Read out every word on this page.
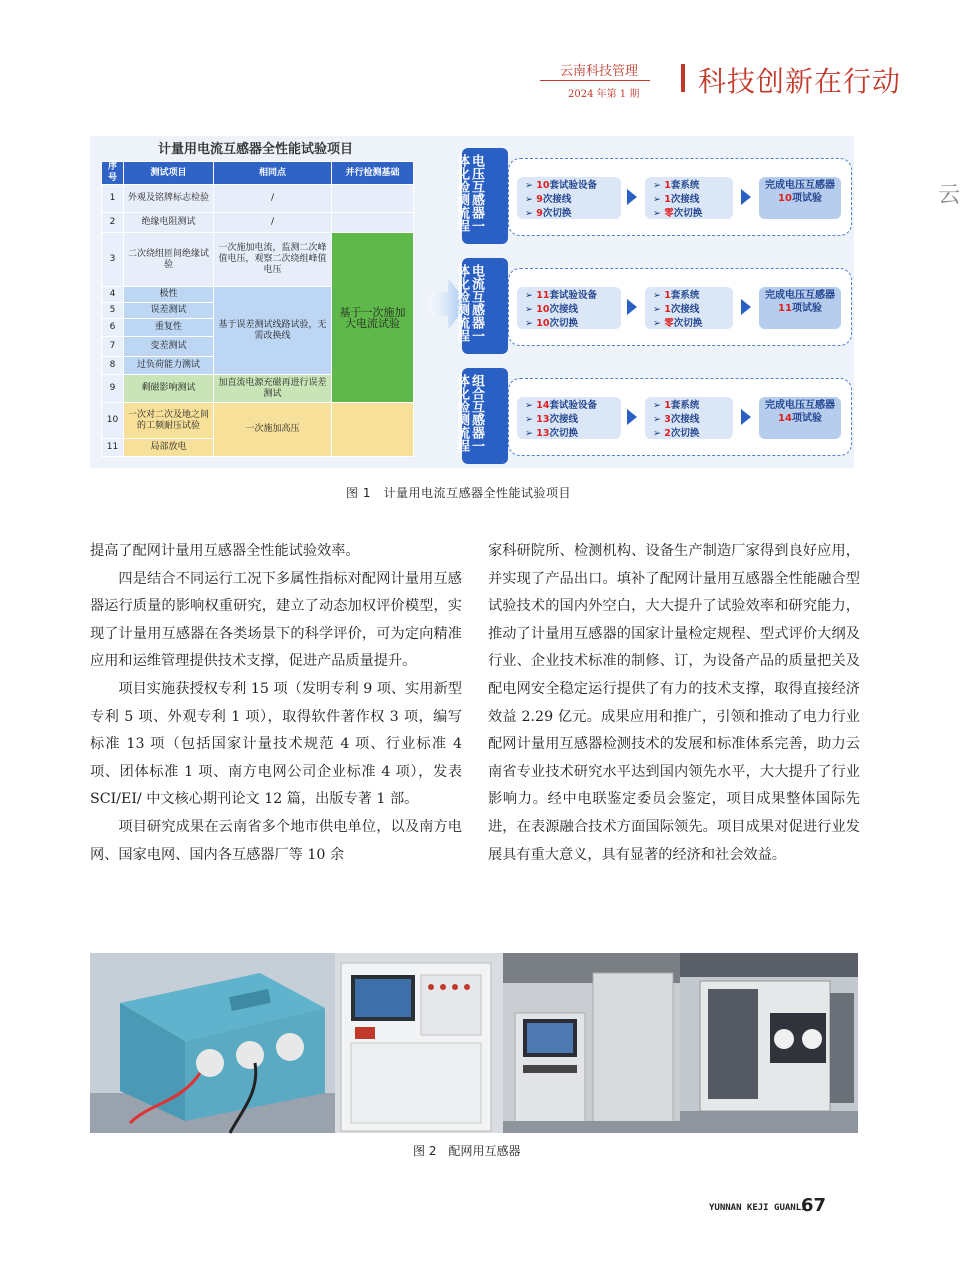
云南科技管理
2024 年第 1 期 科技创新在行动
云
计量用电流互感器全性能试验项目
序号	测试项目	相同点	并行检测基础
1	外观及铭牌标志检验	/	
2	绝缘电阻测试	/	
3	二次绕组匝间绝缘试验	一次施加电流，监测二次峰值电压，观察二次绕组峰值电压	基于一次施加大电流试验
4	极性	基于误差测试线路试验，无需改换线	
5	误差测试		
6	重复性		
7	变差测试		
8	过负荷能力测试		
9	剩磁影响测试	加直流电源充磁再进行误差测试	
10	一次对二次及地之间的工频耐压试验	一次施加高压	
11	局部放电		
电压互感器一体化检测流程	➢ 10套试验设备
➢ 9次接线
➢ 9次切换
➢ 1套系统
➢ 1次接线
➢ 零次切换
完成电压互感器10项试验
电流互感器一体化检测流程	➢ 11套试验设备
➢ 10次接线
➢ 10次切换
➢ 1套系统
➢ 1次接线
➢ 零次切换
完成电压互感器11项试验
组合互感器一体化检测流程	➢ 14套试验设备
➢ 13次接线
➢ 13次切换
➢ 1套系统
➢ 3次接线
➢ 2次切换
完成电压互感器14项试验
图 1　计量用电流互感器全性能试验项目

提高了配网计量用互感器全性能试验效率。

四是结合不同运行工况下多属性指标对配网计量用互感器运行质量的影响权重研究，建立了动态加权评价模型，实现了计量用互感器在各类场景下的科学评价，可为定向精准应用和运维管理提供技术支撑，促进产品质量提升。

项目实施获授权专利 15 项（发明专利 9 项、实用新型专利 5 项、外观专利 1 项），取得软件著作权 3 项，编写标准 13 项（包括国家计量技术规范 4 项、行业标准 4 项、团体标准 1 项、南方电网公司企业标准 4 项），发表 SCI/EI/ 中文核心期刊论文 12 篇，出版专著 1 部。

项目研究成果在云南省多个地市供电单位，以及南方电网、国家电网、国内各互感器厂等 10 余

家科研院所、检测机构、设备生产制造厂家得到良好应用，并实现了产品出口。填补了配网计量用互感器全性能融合型试验技术的国内外空白，大大提升了试验效率和研究能力，推动了计量用互感器的国家计量检定规程、型式评价大纲及行业、企业技术标准的制修、订，为设备产品的质量把关及配电网安全稳定运行提供了有力的技术支撑，取得直接经济效益 2.29 亿元。成果应用和推广，引领和推动了电力行业配网计量用互感器检测技术的发展和标准体系完善，助力云南省专业技术研究水平达到国内领先水平，大大提升了行业影响力。经中电联鉴定委员会鉴定，项目成果整体国际先进，在表源融合技术方面国际领先。项目成果对促进行业发展具有重大意义，具有显著的经济和社会效益。

图 2　配网用互感器
YUNNAN KEJI GUANLI
67
